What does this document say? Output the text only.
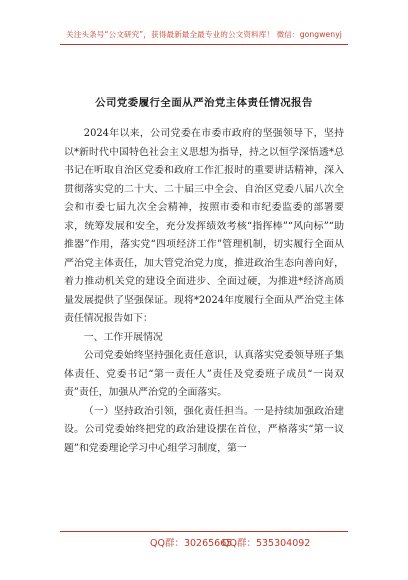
关注头条号“公文研究”，获得最新最全最专业的公文资料库！ 微信：gongwenyj
公司党委履行全面从严治党主体责任情况报告

2024年以来，公司党委在市委市政府的坚强领导下，坚持以*新时代中国特色社会主义思想为指导，持之以恒学深悟透*总书记在听取自治区党委和政府工作汇报时的重要讲话精神，深入贯彻落实党的二十大、二十届三中全会、自治区党委八届八次全会和市委七届九次全会精神，按照市委和市纪委监委的部署要求，统筹发展和安全，充分发挥绩效考核“指挥棒”“风向标”“助推器”作用，落实党“四项经济工作”管理机制，切实履行全面从严治党主体责任，加大管党治党力度，推进政治生态向善向好，着力推动机关党的建设全面进步、全面过硬，为推进*经济高质量发展提供了坚强保证。现将*2024年度履行全面从严治党主体责任情况报告如下：

一、工作开展情况

公司党委始终坚持强化责任意识，认真落实党委领导班子集体责任、党委书记“第一责任人”责任及党委班子成员“一岗双责”责任，加强从严治党的全面落实。

（一）坚持政治引领，强化责任担当。一是持续加强政治建设。公司党委始终把党的政治建设摆在首位，严格落实“第一议题”和党委理论学习中心组学习制度，第一

QQ群：30265665
QQ群：535304092
